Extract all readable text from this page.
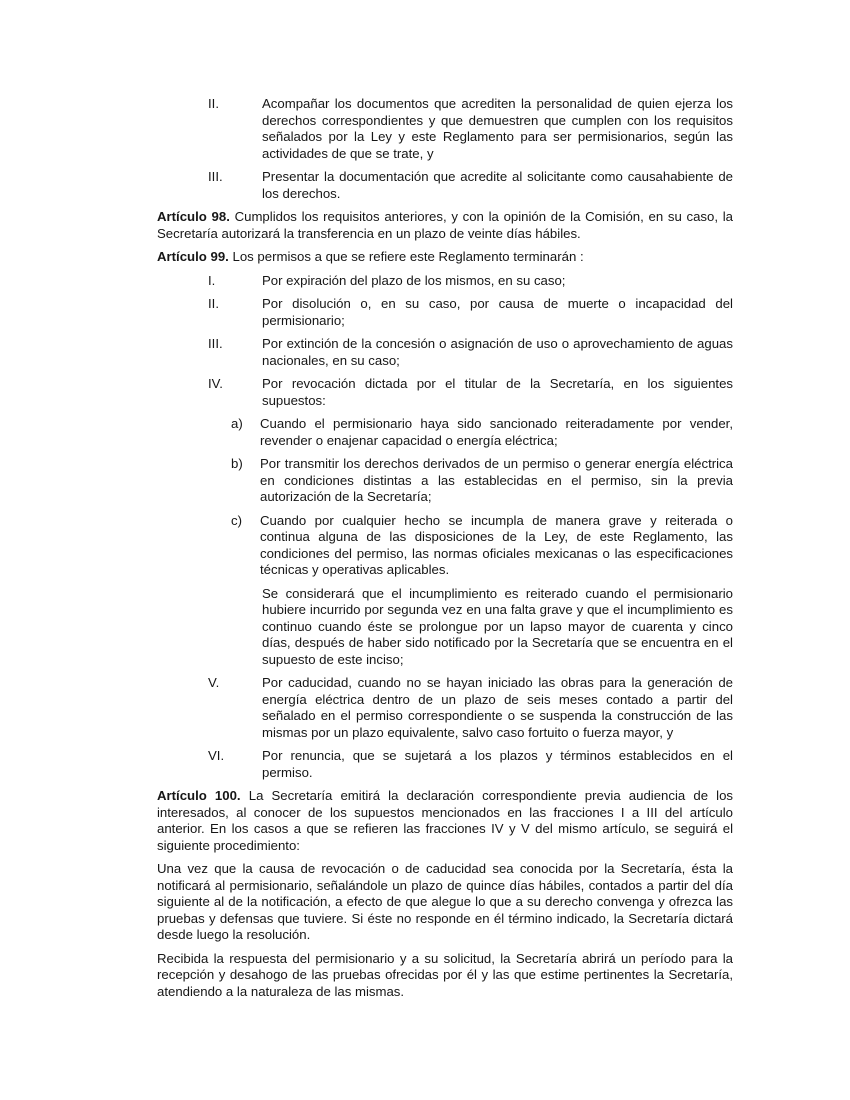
II.	Acompañar los documentos que acrediten la personalidad de quien ejerza los derechos correspondientes y que demuestren que cumplen con los requisitos señalados por la Ley y este Reglamento para ser permisionarios, según las actividades de que se trate, y
III.	Presentar la documentación que acredite al solicitante como causahabiente de los derechos.
Artículo 98. Cumplidos los requisitos anteriores, y con la opinión de la Comisión, en su caso, la Secretaría autorizará la transferencia en un plazo de veinte días hábiles.
Artículo 99. Los permisos a que se refiere este Reglamento terminarán :
I.	Por expiración del plazo de los mismos, en su caso;
II.	Por disolución o, en su caso, por causa de muerte o incapacidad del permisionario;
III.	Por extinción de la concesión o asignación de uso o aprovechamiento de aguas nacionales, en su caso;
IV.	Por revocación dictada por el titular de la Secretaría, en los siguientes supuestos:
a) Cuando el permisionario haya sido sancionado reiteradamente por vender, revender o enajenar capacidad o energía eléctrica;
b) Por transmitir los derechos derivados de un permiso o generar energía eléctrica en condiciones distintas a las establecidas en el permiso, sin la previa autorización de la Secretaría;
c) Cuando por cualquier hecho se incumpla de manera grave y reiterada o continua alguna de las disposiciones de la Ley, de este Reglamento, las condiciones del permiso, las normas oficiales mexicanas o las especificaciones técnicas y operativas aplicables.
Se considerará que el incumplimiento es reiterado cuando el permisionario hubiere incurrido por segunda vez en una falta grave y que el incumplimiento es continuo cuando éste se prolongue por un lapso mayor de cuarenta y cinco días, después de haber sido notificado por la Secretaría que se encuentra en el supuesto de este inciso;
V.	Por caducidad, cuando no se hayan iniciado las obras para la generación de energía eléctrica dentro de un plazo de seis meses contado a partir del señalado en el permiso correspondiente o se suspenda la construcción de las mismas por un plazo equivalente, salvo caso fortuito o fuerza mayor, y
VI.	Por renuncia, que se sujetará a los plazos y términos establecidos en el permiso.
Artículo 100. La Secretaría emitirá la declaración correspondiente previa audiencia de los interesados, al conocer de los supuestos mencionados en las fracciones I a III del artículo anterior. En los casos a que se refieren las fracciones IV y V del mismo artículo, se seguirá el siguiente procedimiento:
Una vez que la causa de revocación o de caducidad sea conocida por la Secretaría, ésta la notificará al permisionario, señalándole un plazo de quince días hábiles, contados a partir del día siguiente al de la notificación, a efecto de que alegue lo que a su derecho convenga y ofrezca las pruebas y defensas que tuviere. Si éste no responde en él término indicado, la Secretaría dictará desde luego la resolución.
Recibida la respuesta del permisionario y a su solicitud, la Secretaría abrirá un período para la recepción y desahogo de las pruebas ofrecidas por él y las que estime pertinentes la Secretaría, atendiendo a la naturaleza de las mismas.
